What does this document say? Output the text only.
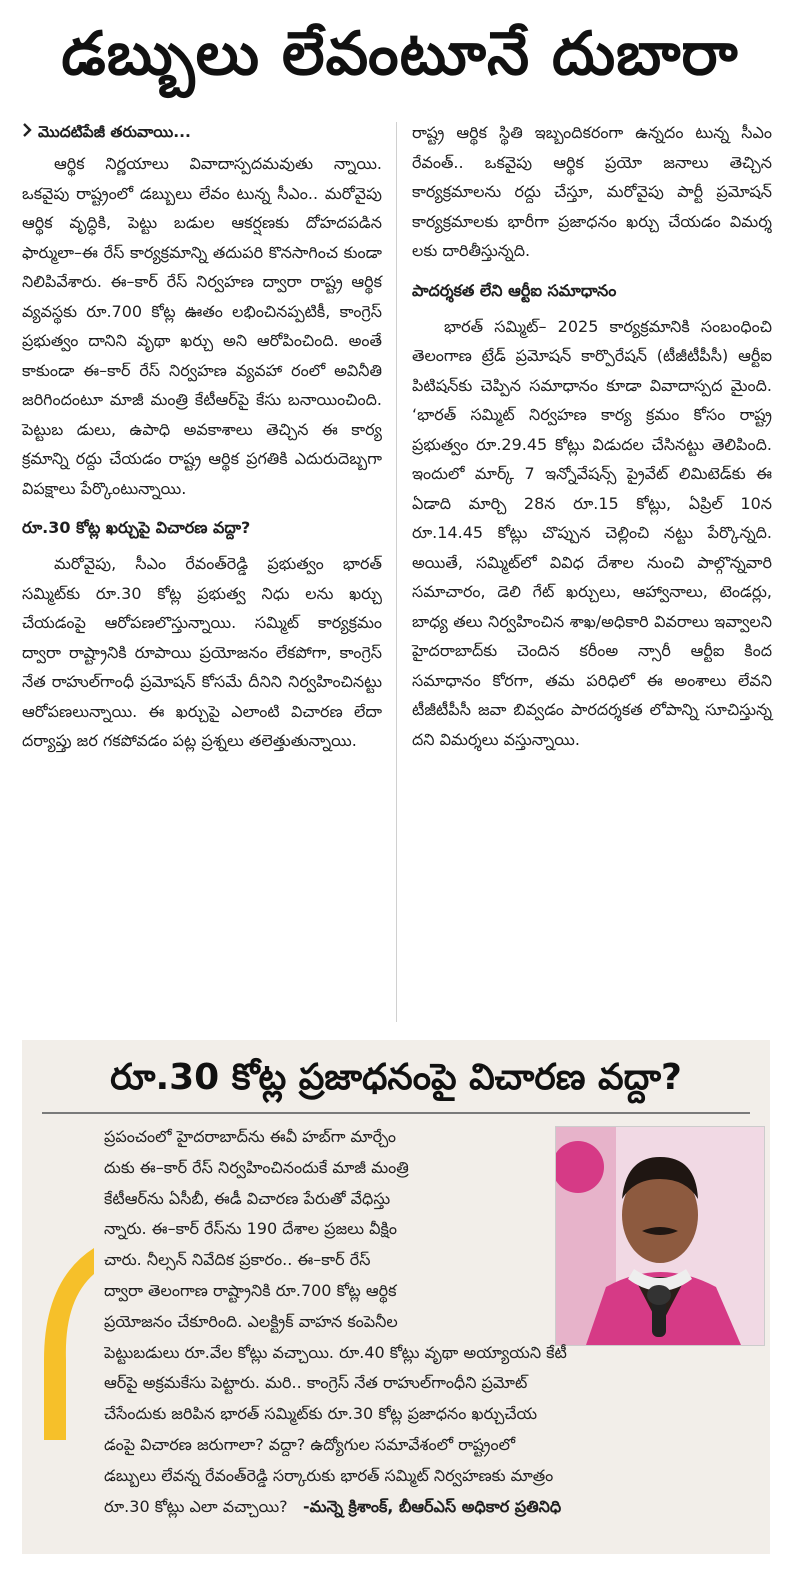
డబ్బులు లేవంటూనే దుబారా
మొదటిపేజీ తరువాయి...

ఆర్థిక నిర్ణయాలు వివాదాస్పదమవుతు న్నాయి. ఒకవైపు రాష్ట్రంలో డబ్బులు లేవం టున్న సీఎం.. మరోవైపు ఆర్థిక వృద్ధికి, పెట్టు బడుల ఆకర్షణకు దోహదపడిన ఫార్ములా–ఈ రేస్ కార్యక్రమాన్ని తదుపరి కొనసాగించ కుండా నిలిపివేశారు. ఈ–కార్ రేస్ నిర్వహణ ద్వారా రాష్ట్ర ఆర్థిక వ్యవస్థకు రూ.700 కోట్ల ఊతం లభించినప్పటికీ, కాంగ్రెస్ ప్రభుత్వం దానిని వృథా ఖర్చు అని ఆరోపించింది. అంతే కాకుండా ఈ–కార్ రేస్ నిర్వహణ వ్యవహా రంలో అవినీతి జరిగిందంటూ మాజీ మంత్రి కేటీఆర్‌పై కేసు బనాయించింది. పెట్టుబ డులు, ఉపాధి అవకాశాలు తెచ్చిన ఈ కార్య క్రమాన్ని రద్దు చేయడం రాష్ట్ర ఆర్థిక ప్రగతికి ఎదురుదెబ్బగా విపక్షాలు పేర్కొంటున్నాయి.

రూ.30 కోట్ల ఖర్చుపై విచారణ వద్దా?

మరోవైపు, సీఎం రేవంత్‌రెడ్డి ప్రభుత్వం భారత్ సమ్మిట్‌కు రూ.30 కోట్ల ప్రభుత్వ నిధు లను ఖర్చు చేయడంపై ఆరోపణలొస్తున్నాయి. సమ్మిట్ కార్యక్రమం ద్వారా రాష్ట్రానికి రూపాయి ప్రయోజనం లేకపోగా, కాంగ్రెస్ నేత రాహుల్‌గాంధీ ప్రమోషన్ కోసమే దీనిని నిర్వహించినట్టు ఆరోపణలున్నాయి. ఈ ఖర్చుపై ఎలాంటి విచారణ లేదా దర్యాప్తు జర గకపోవడం పట్ల ప్రశ్నలు తలెత్తుతున్నాయి.

రాష్ట్ర ఆర్థిక స్థితి ఇబ్బందికరంగా ఉన్నదం టున్న సీఎం రేవంత్.. ఒకవైపు ఆర్థిక ప్రయో జనాలు తెచ్చిన కార్యక్రమాలను రద్దు చేస్తూ, మరోవైపు పార్టీ ప్రమోషన్ కార్యక్రమాలకు భారీగా ప్రజాధనం ఖర్చు చేయడం విమర్శ లకు దారితీస్తున్నది.

పాదర్శకత లేని ఆర్టీఐ సమాధానం

భారత్ సమ్మిట్– 2025 కార్యక్రమానికి సంబంధించి తెలంగాణ ట్రేడ్ ప్రమోషన్ కార్పొరేషన్ (టీజీటీపీసీ) ఆర్టీఐ పిటిషన్‌కు చెప్పిన సమాధానం కూడా వివాదాస్పద మైంది. ‘భారత్ సమ్మిట్ నిర్వహణ కార్య క్రమం కోసం రాష్ట్ర ప్రభుత్వం రూ.29.45 కోట్లు విడుదల చేసినట్టు తెలిపింది. ఇందులో మార్క్ 7 ఇన్నోవేషన్స్ ప్రైవేట్ లిమిటెడ్‌కు ఈ ఏడాది మార్చి 28న రూ.15 కోట్లు, ఏప్రిల్ 10న రూ.14.45 కోట్లు చొప్పున చెల్లించి నట్టు పేర్కొన్నది. అయితే, సమ్మిట్‌లో వివిధ దేశాల నుంచి పాల్గొన్నవారి సమాచారం, డెలి గేట్ ఖర్చులు, ఆహ్వానాలు, టెండర్లు, బాధ్య తలు నిర్వహించిన శాఖ/అధికారి వివరాలు ఇవ్వాలని హైదరాబాద్‌కు చెందిన కరీంఅ న్సారీ ఆర్టీఐ కింద సమాధానం కోరగా, తమ పరిధిలో ఈ అంశాలు లేవని టీజీటీపీసీ జవా బివ్వడం పారదర్శకత లోపాన్ని సూచిస్తున్న దని విమర్శలు వస్తున్నాయి.

రూ.30 కోట్ల ప్రజాధనంపై విచారణ వద్దా?
ప్రపంచంలో హైదరాబాద్‌ను ఈవీ హబ్‌గా మార్చేం
దుకు ఈ–కార్ రేస్ నిర్వహించినందుకే మాజీ మంత్రి
కేటీఆర్‌ను ఏసీబీ, ఈడీ విచారణ పేరుతో వేధిస్తు
న్నారు. ఈ–కార్ రేస్‌ను 190 దేశాల ప్రజలు వీక్షిం
చారు. నీల్సన్ నివేదిక ప్రకారం.. ఈ–కార్ రేస్
ద్వారా తెలంగాణ రాష్ట్రానికి రూ.700 కోట్ల ఆర్థిక
ప్రయోజనం చేకూరింది. ఎలక్ట్రిక్ వాహన కంపెనీల
పెట్టుబడులు రూ.వేల కోట్లు వచ్చాయి. రూ.40 కోట్లు వృథా అయ్యాయని కేటీ
ఆర్‌పై అక్రమకేసు పెట్టారు. మరి.. కాంగ్రెస్ నేత రాహుల్‌గాంధీని ప్రమోట్
చేసేందుకు జరిపిన భారత్ సమ్మిట్‌కు రూ.30 కోట్ల ప్రజాధనం ఖర్చుచేయ
డంపై విచారణ జరుగాలా? వద్దా? ఉద్యోగుల సమావేశంలో రాష్ట్రంలో
డబ్బులు లేవన్న రేవంత్‌రెడ్డి సర్కారుకు భారత్ సమ్మిట్ నిర్వహణకు మాత్రం
రూ.30 కోట్లు ఎలా వచ్చాయి? -మన్నె క్రిశాంక్, బీఆర్ఎస్ అధికార ప్రతినిధి
